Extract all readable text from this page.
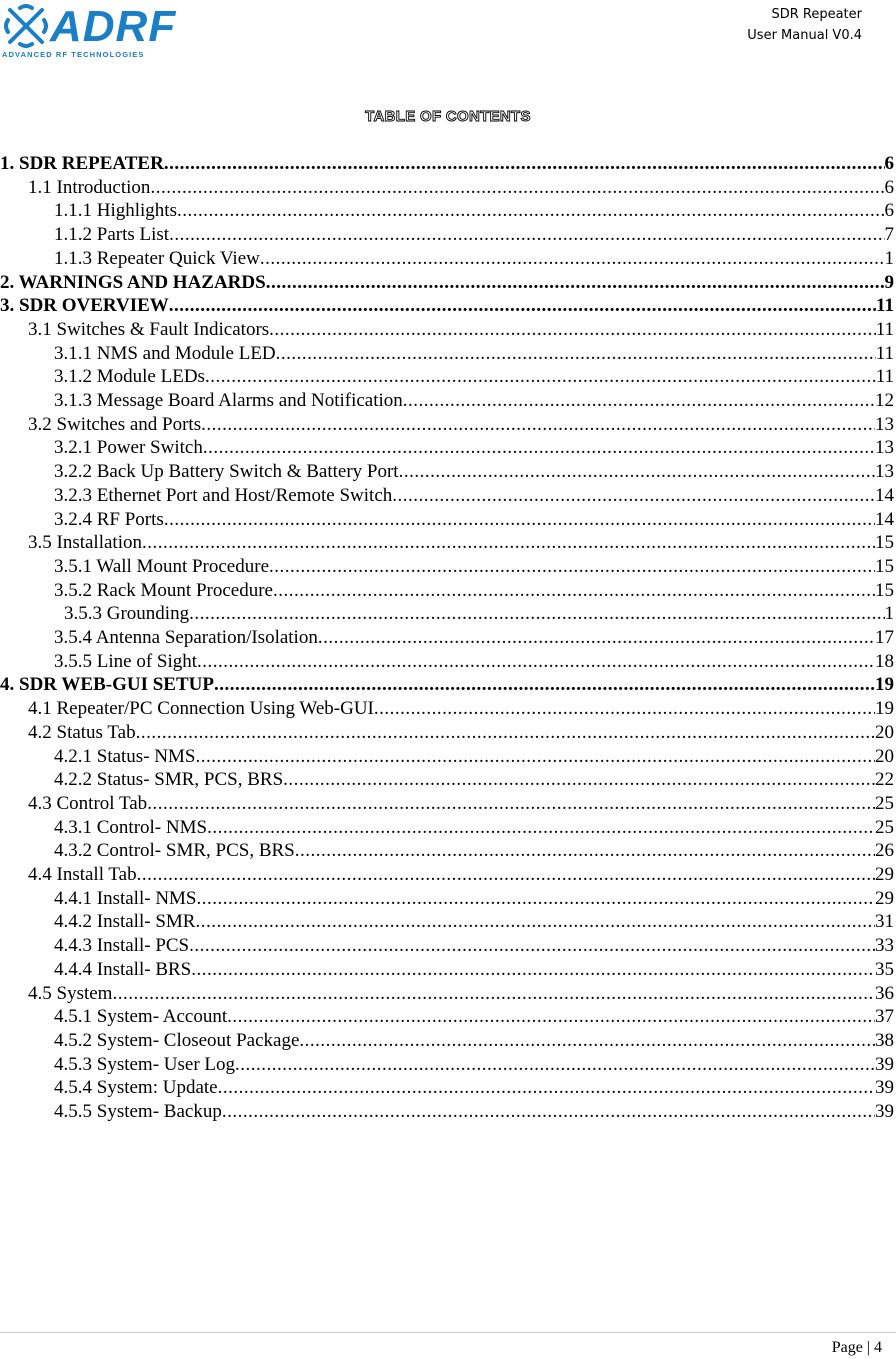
ADRF
ADVANCED RF TECHNOLOGIES
SDR Repeater
User Manual V0.4
TABLE OF CONTENTS
1. SDR REPEATER .....	6
1.1 Introduction .....	6
1.1.1 Highlights .....	6
1.1.2 Parts List .....	7
1.1.3 Repeater Quick View .....	1
2. WARNINGS AND HAZARDS .....	9
3. SDR OVERVIEW .....	11
3.1 Switches & Fault Indicators .....	11
3.1.1 NMS and Module LED .....	11
3.1.2 Module LEDs .....	11
3.1.3 Message Board Alarms and Notification .....	12
3.2 Switches and Ports .....	13
3.2.1 Power Switch .....	13
3.2.2 Back Up Battery Switch & Battery Port .....	13
3.2.3 Ethernet Port and Host/Remote Switch .....	14
3.2.4 RF Ports .....	14
3.5 Installation .....	15
3.5.1 Wall Mount Procedure .....	15
3.5.2 Rack Mount Procedure .....	15
3.5.3 Grounding .....	1
3.5.4 Antenna Separation/Isolation .....	17
3.5.5 Line of Sight .....	18
4. SDR WEB-GUI SETUP .....	19
4.1 Repeater/PC Connection Using Web-GUI .....	19
4.2 Status Tab .....	20
4.2.1 Status- NMS .....	20
4.2.2 Status- SMR, PCS, BRS .....	22
4.3 Control Tab .....	25
4.3.1 Control- NMS .....	25
4.3.2 Control- SMR, PCS, BRS .....	26
4.4 Install Tab .....	29
4.4.1 Install- NMS .....	29
4.4.2 Install- SMR .....	31
4.4.3 Install- PCS .....	33
4.4.4 Install- BRS .....	35
4.5 System .....	36
4.5.1 System- Account .....	37
4.5.2 System- Closeout Package .....	38
4.5.3 System- User Log .....	39
4.5.4 System: Update .....	39
4.5.5 System- Backup .....	39
Page | 4
